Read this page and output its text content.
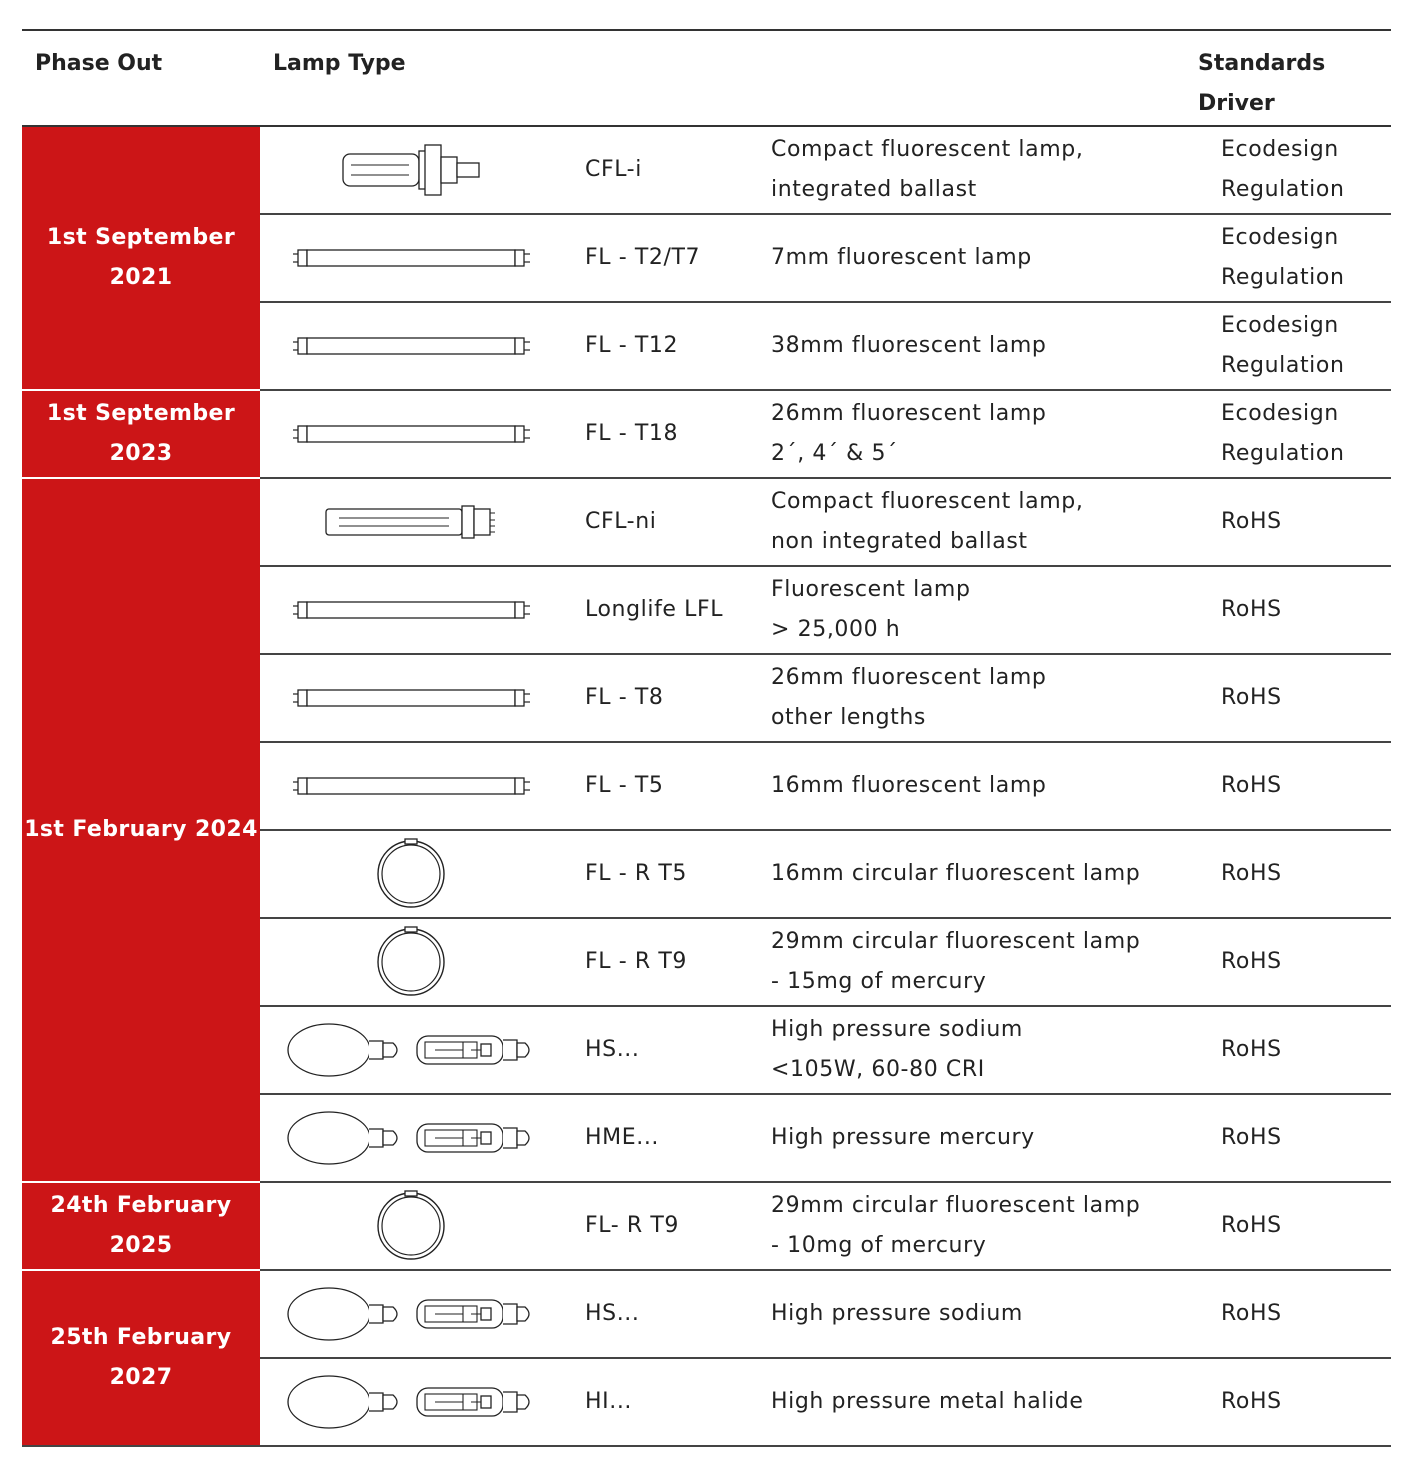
Phase Out	Lamp Type			Standards
Driver
1st September 2021		CFL-i	Compact fluorescent lamp,
integrated ballast	Ecodesign
Regulation
	FL - T2/T7	7mm fluorescent lamp	Ecodesign
Regulation
	FL - T12	38mm fluorescent lamp	Ecodesign
Regulation
1st September 2023		FL - T18	26mm fluorescent lamp
2´, 4´ & 5´	Ecodesign
Regulation
1st February 2024		CFL-ni	Compact fluorescent lamp,
non integrated ballast	RoHS
	Longlife LFL	Fluorescent lamp
> 25,000 h	RoHS
	FL - T8	26mm fluorescent lamp
other lengths	RoHS
	FL - T5	16mm fluorescent lamp	RoHS
	FL - R T5	16mm circular fluorescent lamp	RoHS
	FL - R T9	29mm circular fluorescent lamp
- 15mg of mercury	RoHS
	HS...	High pressure sodium
<105W, 60-80 CRI	RoHS
	HME...	High pressure mercury	RoHS
24th February 2025		FL- R T9	29mm circular fluorescent lamp
- 10mg of mercury	RoHS
25th February 2027		HS...	High pressure sodium	RoHS
	HI...	High pressure metal halide	RoHS
